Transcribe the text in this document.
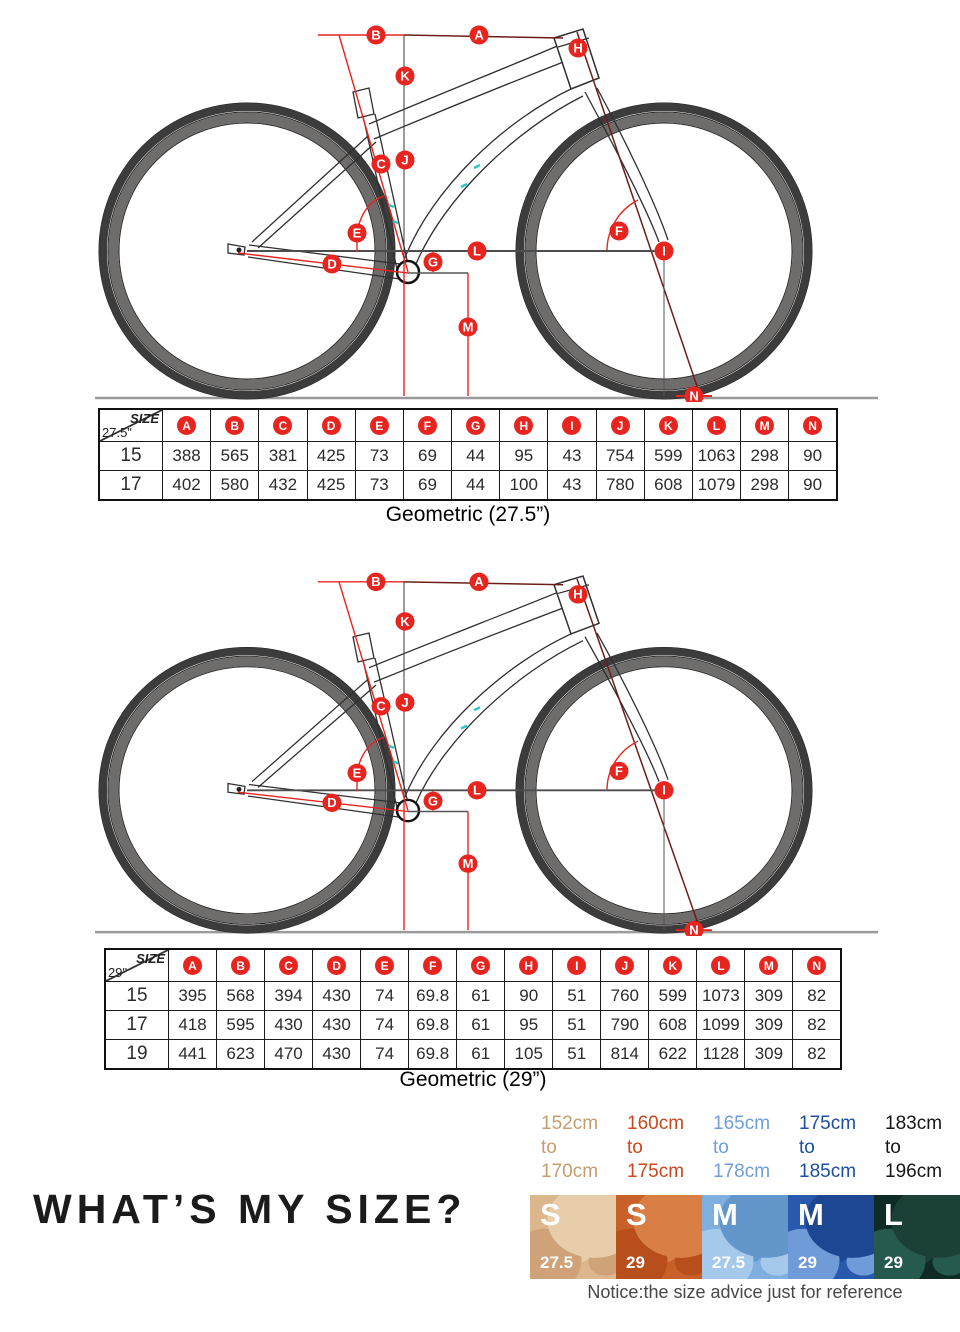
SIZE
27.5"	A	B	C	D	E	F	G	H	I	J	K	L	M	N
15	388	565	381	425	73	69	44	95	43	754	599	1063	298	90
17	402	580	432	425	73	69	44	100	43	780	608	1079	298	90
Geometric (27.5”)
SIZE
29"	A	B	C	D	E	F	G	H	I	J	K	L	M	N
15	395	568	394	430	74	69.8	61	90	51	760	599	1073	309	82
17	418	595	430	430	74	69.8	61	95	51	790	608	1099	309	82
19	441	623	470	430	74	69.8	61	105	51	814	622	1128	309	82
Geometric (29”)
WHAT’S MY SIZE?
152cm
to
170cm
160cm
to
175cm
165cm
to
178cm
175cm
to
185cm
183cm
to
196cm
S
27.5
S
29
M
27.5
M
29
L
29
Notice:the size advice just for reference
